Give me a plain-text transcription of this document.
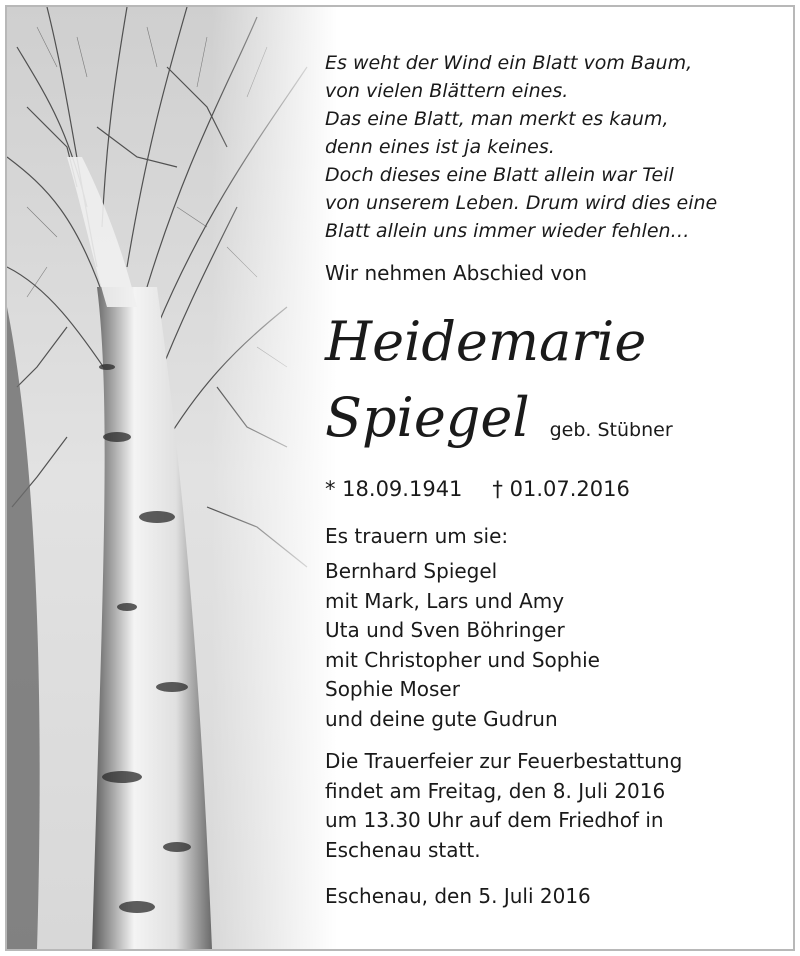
Es weht der Wind ein Blatt vom Baum,
von vielen Blättern eines.
Das eine Blatt, man merkt es kaum,
denn eines ist ja keines.
Doch dieses eine Blatt allein war Teil
von unserem Leben. Drum wird dies eine
Blatt allein uns immer wieder fehlen…
Wir nehmen Abschied von
Heidemarie
Spiegel geb. Stübner
* 18.09.1941 † 01.07.2016
Es trauern um sie:
Bernhard Spiegel
mit Mark, Lars und Amy
Uta und Sven Böhringer
mit Christopher und Sophie
Sophie Moser
und deine gute Gudrun
Die Trauerfeier zur Feuerbestattung
findet am Freitag, den 8. Juli 2016
um 13.30 Uhr auf dem Friedhof in
Eschenau statt.
Eschenau, den 5. Juli 2016
